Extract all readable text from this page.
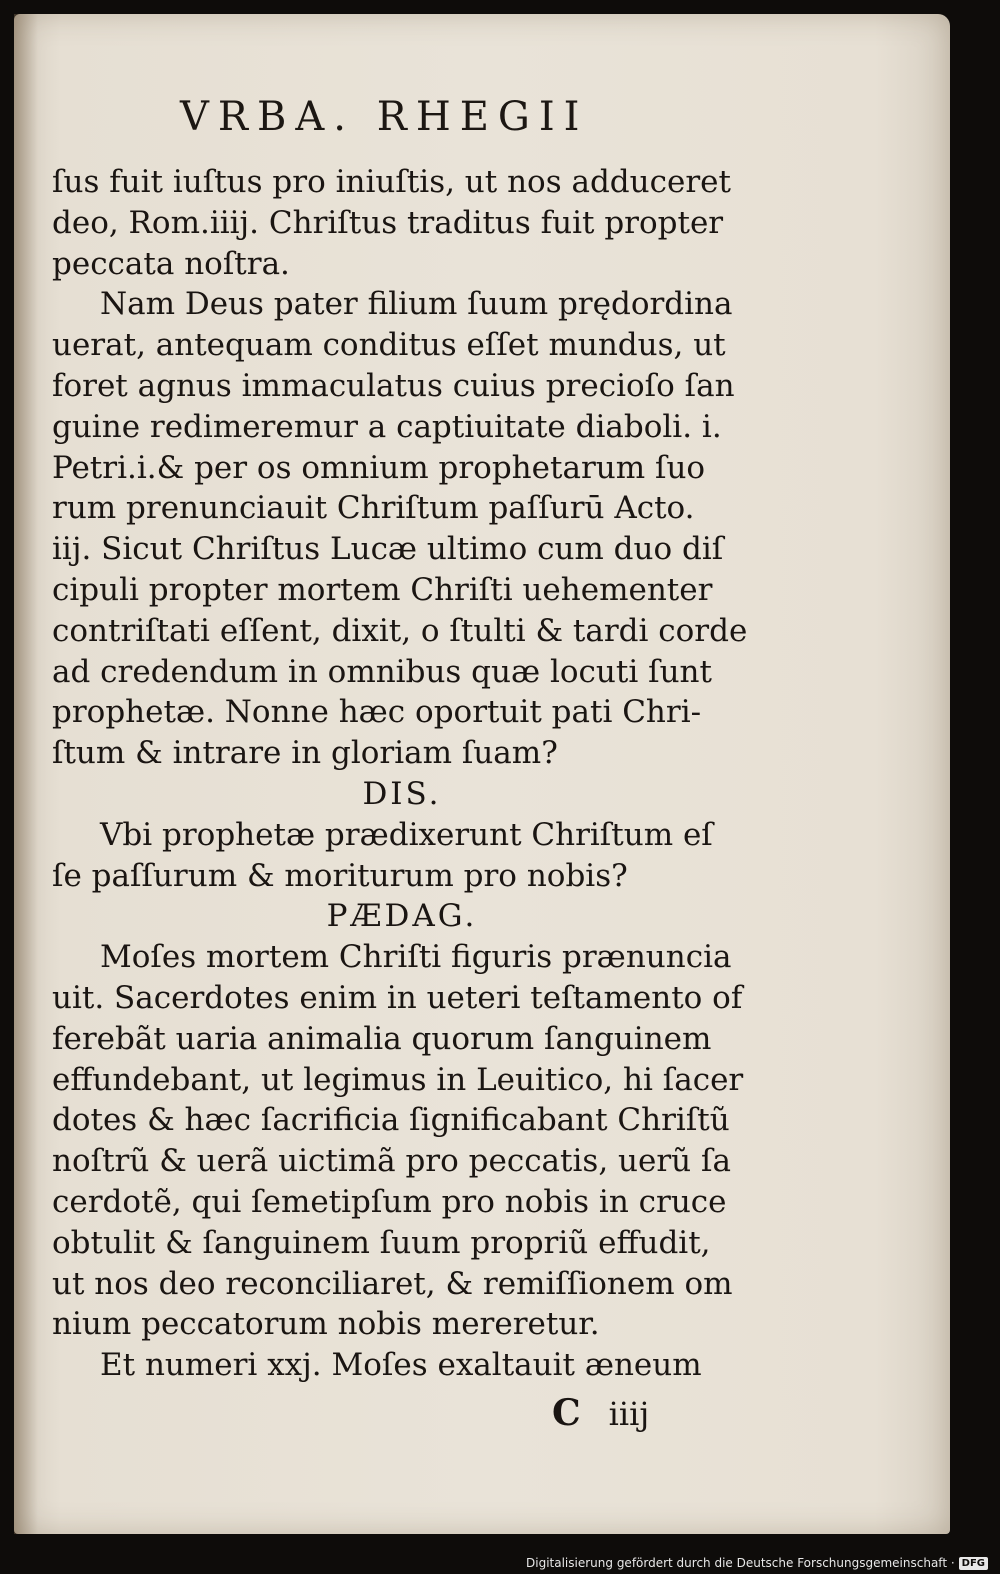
VRBA. RHEGII
ſus fuit iuſtus pro iniuſtis, ut nos adduceret
deo, Rom.iiij. Chriſtus traditus fuit propter
peccata noſtra.
Nam Deus pater filium ſuum prędordina
uerat, antequam conditus eſſet mundus, ut
foret agnus immaculatus cuius precioſo ſan
guine redimeremur a captiuitate diaboli. i.
Petri.i.& per os omnium prophetarum ſuo
rum prenunciauit Chriſtum paſſurū Acto.
iij. Sicut Chriſtus Lucæ ultimo cum duo diſ
cipuli propter mortem Chriſti uehementer
contriſtati eſſent, dixit, o ſtulti & tardi corde
ad credendum in omnibus quæ locuti ſunt
prophetæ. Nonne hæc oportuit pati Chri-
ſtum & intrare in gloriam ſuam?
DIS.
Vbi prophetæ prædixerunt Chriſtum eſ
ſe paſſurum & moriturum pro nobis?
PÆDAG.
Moſes mortem Chriſti figuris prænuncia
uit. Sacerdotes enim in ueteri teſtamento of
ferebãt uaria animalia quorum ſanguinem
effundebant, ut legimus in Leuitico, hi ſacer
dotes & hæc ſacrificia ſignificabant Chriſtũ
noſtrũ & uerã uictimã pro peccatis, uerũ ſa
cerdotẽ, qui ſemetipſum pro nobis in cruce
obtulit & ſanguinem ſuum propriũ effudit,
ut nos deo reconciliaret, & remiſſionem om
nium peccatorum nobis mereretur.
Et numeri xxj. Moſes exaltauit æneum
C iiij
Digitalisierung gefördert durch die Deutsche Forschungsgemeinschaft · DFG
